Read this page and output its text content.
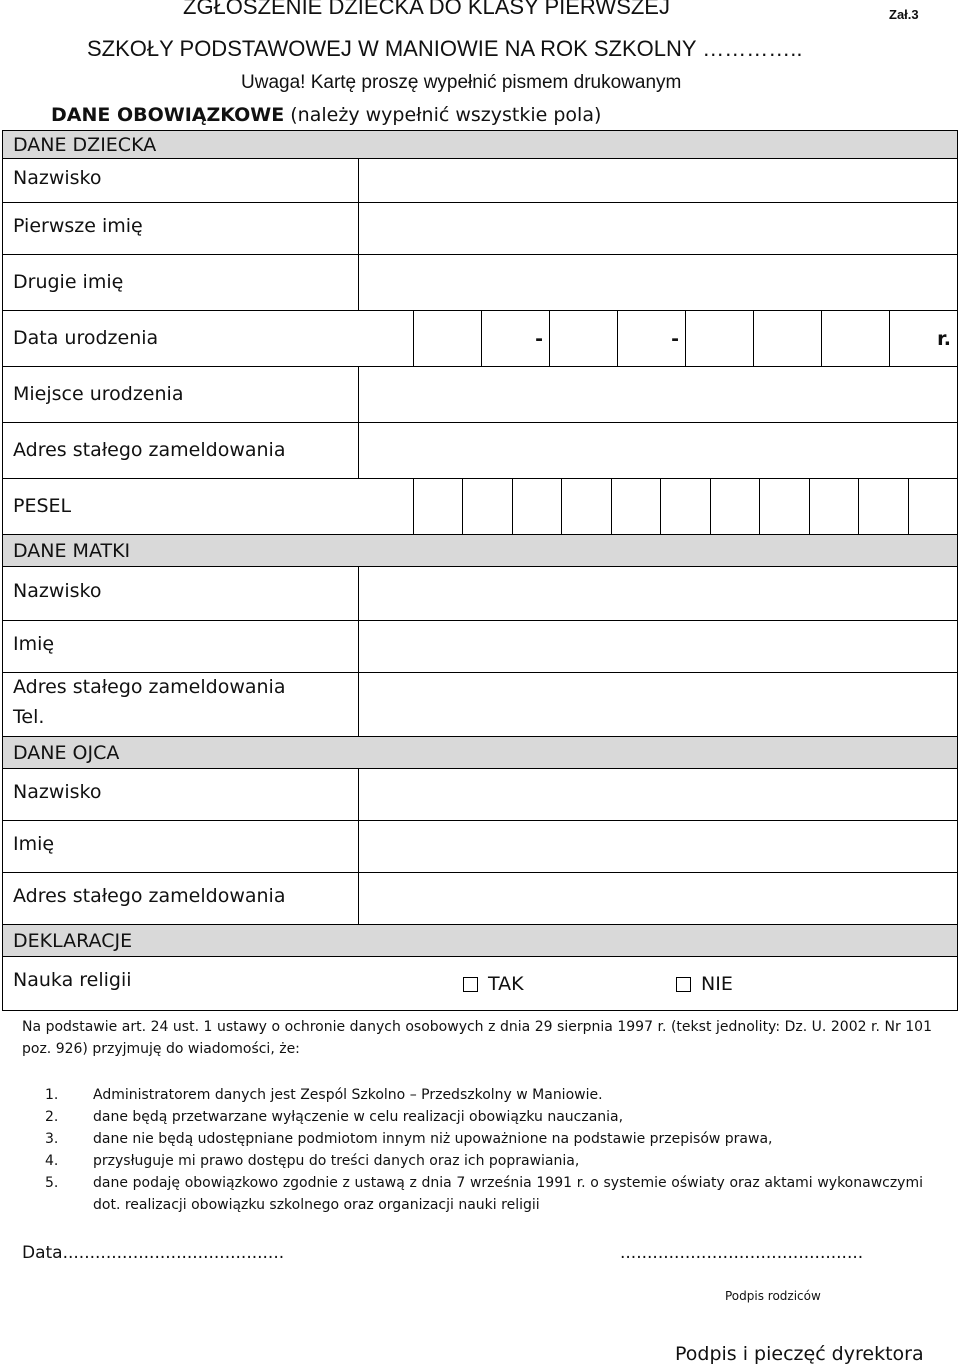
ZGŁOSZENIE DZIECKA DO KLASY PIERWSZEJ	Zał.3
SZKOŁY PODSTAWOWEJ W MANIOWIE NA ROK SZKOLNY …………..
Uwaga! Kartę proszę wypełnić pismem drukowanym
DANE OBOWIĄZKOWE (należy wypełnić wszystkie pola)
DANE DZIECKA
Nazwisko
Pierwsze imię
Drugie imię
Data urodzenia	-	-	r.
Miejsce urodzenia
Adres stałego zameldowania
PESEL
DANE MATKI
Nazwisko
Imię
Adres stałego zameldowania
Tel.
DANE OJCA
Nazwisko
Imię
Adres stałego zameldowania
DEKLARACJE
Nauka religii	TAK	NIE
Na podstawie art. 24 ust. 1 ustawy o ochronie danych osobowych z dnia 29 sierpnia 1997 r. (tekst jednolity: Dz. U. 2002 r. Nr 101 poz. 926) przyjmuję do wiadomości, że:
1.	Administratorem danych jest Zespól Szkolno – Przedszkolny w Maniowie.
2.	dane będą przetwarzane wyłączenie w celu realizacji obowiązku nauczania,
3.	dane nie będą udostępniane podmiotom innym niż upoważnione na podstawie przepisów prawa,
4.	przysługuje mi prawo dostępu do treści danych oraz ich poprawiania,
5.	dane podaję obowiązkowo zgodnie z ustawą z dnia 7 września 1991 r. o systemie oświaty oraz aktami wykonawczymi dot. realizacji obowiązku szkolnego oraz organizacji nauki religii
Data.........................................	.............................................
Podpis rodziców
Podpis i pieczęć dyrektora
